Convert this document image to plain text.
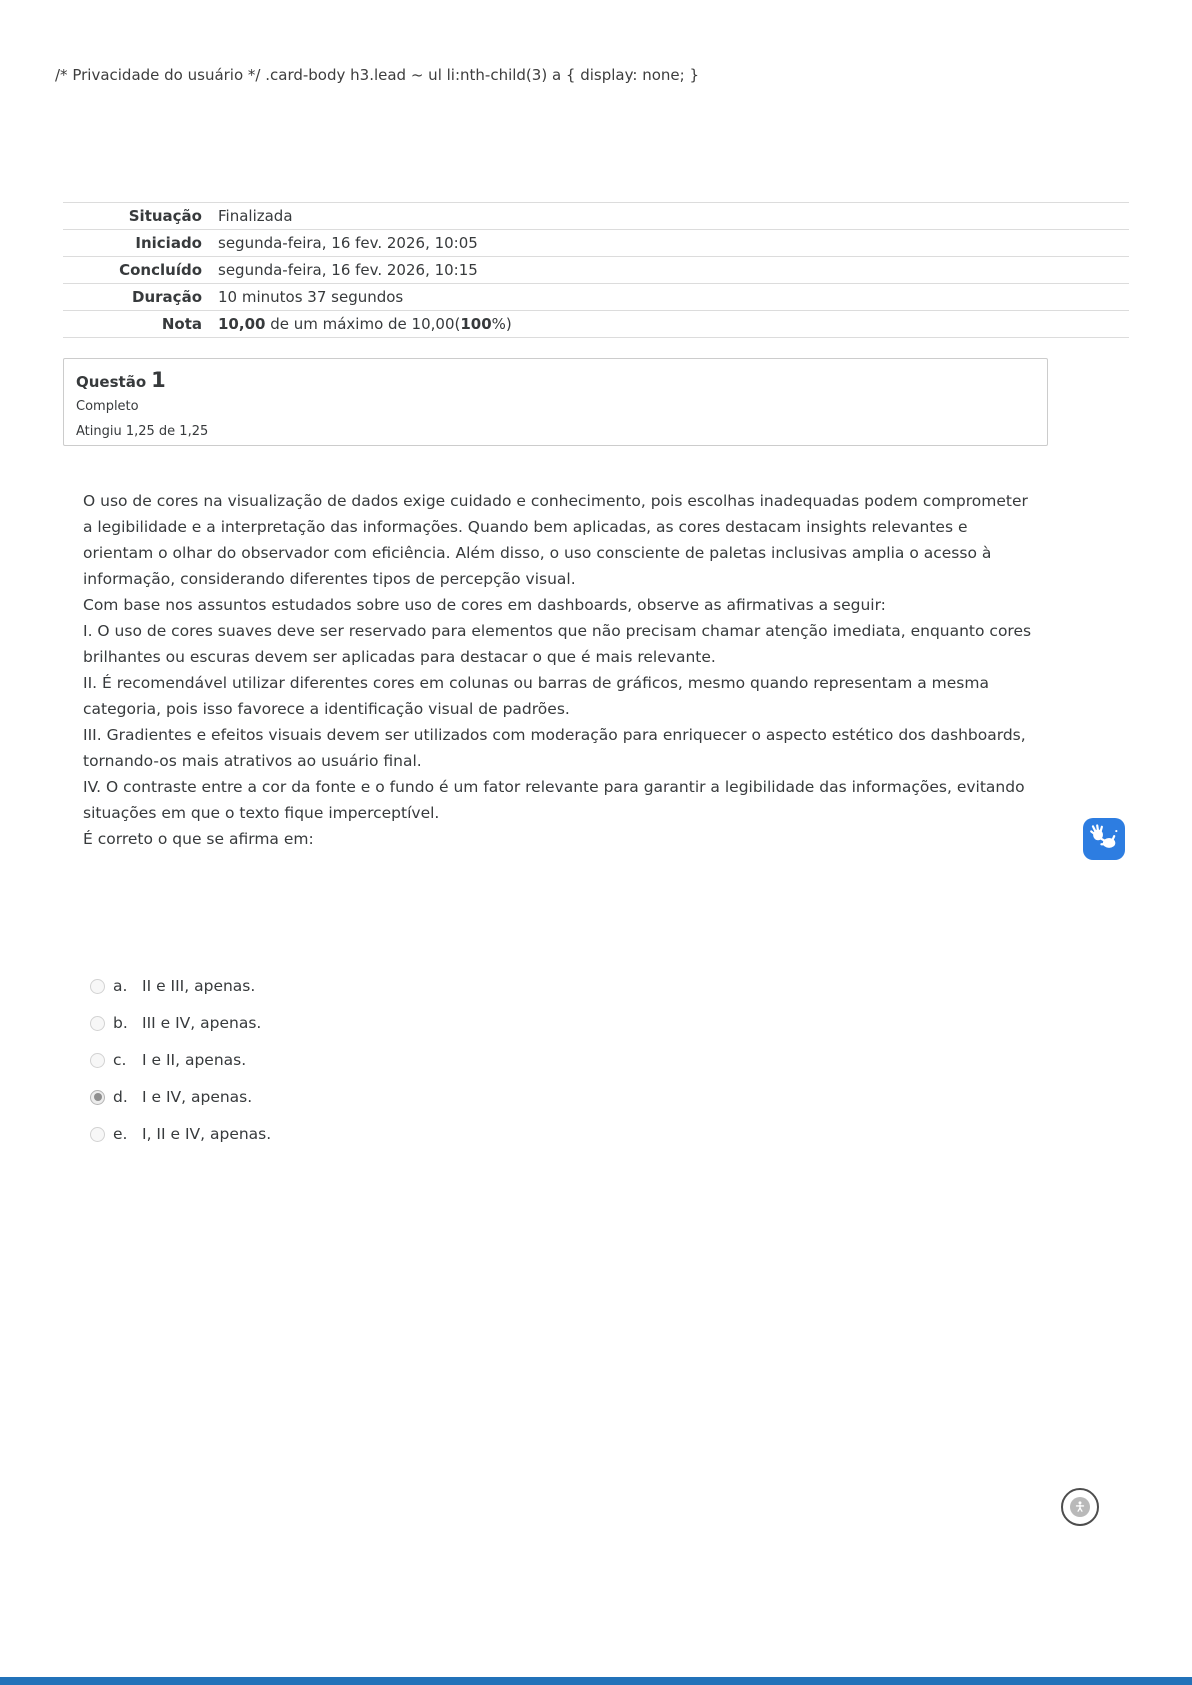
/* Privacidade do usuário */ .card-body h3.lead ~ ul li:nth-child(3) a { display: none; }
Situação	Finalizada
Iniciado	segunda-feira, 16 fev. 2026, 10:05
Concluído	segunda-feira, 16 fev. 2026, 10:15
Duração	10 minutos 37 segundos
Nota	10,00 de um máximo de 10,00(100%)
Questão 1
Completo
Atingiu 1,25 de 1,25
O uso de cores na visualização de dados exige cuidado e conhecimento, pois escolhas inadequadas podem comprometer a legibilidade e a interpretação das informações. Quando bem aplicadas, as cores destacam insights relevantes e orientam o olhar do observador com eficiência. Além disso, o uso consciente de paletas inclusivas amplia o acesso à informação, considerando diferentes tipos de percepção visual.
Com base nos assuntos estudados sobre uso de cores em dashboards, observe as afirmativas a seguir:
I. O uso de cores suaves deve ser reservado para elementos que não precisam chamar atenção imediata, enquanto cores brilhantes ou escuras devem ser aplicadas para destacar o que é mais relevante.
II. É recomendável utilizar diferentes cores em colunas ou barras de gráficos, mesmo quando representam a mesma categoria, pois isso favorece a identificação visual de padrões.
III. Gradientes e efeitos visuais devem ser utilizados com moderação para enriquecer o aspecto estético dos dashboards, tornando-os mais atrativos ao usuário final.
IV. O contraste entre a cor da fonte e o fundo é um fator relevante para garantir a legibilidade das informações, evitando situações em que o texto fique imperceptível.
É correto o que se afirma em:
a. II e III, apenas.
b. III e IV, apenas.
c.	I e II, apenas.
d. I e IV, apenas.
e. I, II e IV, apenas.
